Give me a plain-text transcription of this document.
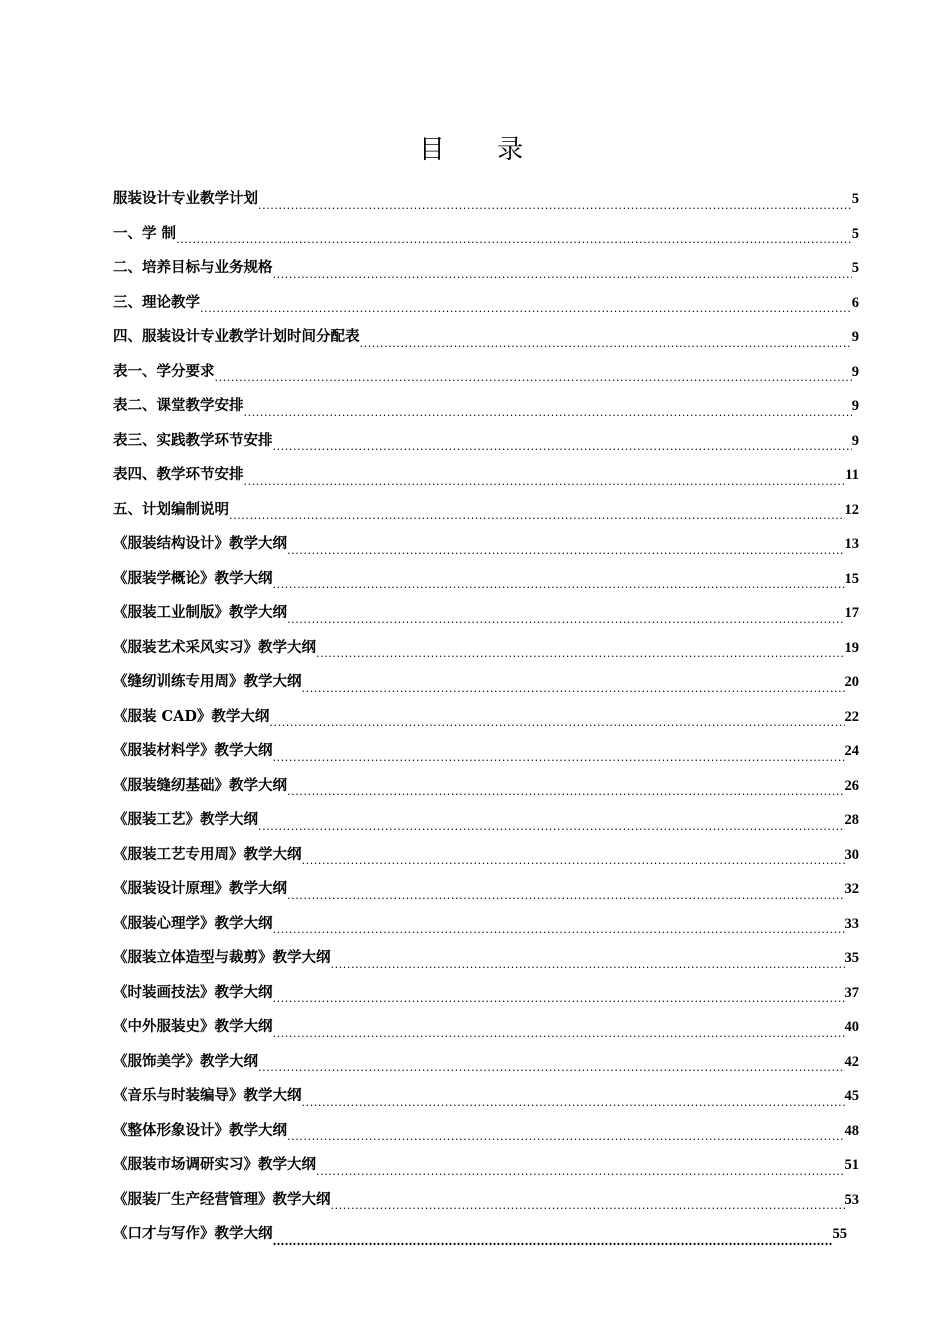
目 录
服装设计专业教学计划 .....	5
一、学 制 .....	5
二、培养目标与业务规格 .....	5
三、理论教学 .....	6
四、服装设计专业教学计划时间分配表 .....	9
表一、学分要求 .....	9
表二、课堂教学安排 .....	9
表三、实践教学环节安排 .....	9
表四、教学环节安排 .....	11
五、计划编制说明 .....	12
《服装结构设计》教学大纲 .....	13
《服装学概论》教学大纲 .....	15
《服装工业制版》教学大纲 .....	17
《服装艺术采风实习》教学大纲 .....	19
《缝纫训练专用周》教学大纲 .....	20
《服装 CAD》教学大纲 .....	22
《服装材料学》教学大纲 .....	24
《服装缝纫基础》教学大纲 .....	26
《服装工艺》教学大纲 .....	28
《服装工艺专用周》教学大纲 .....	30
《服装设计原理》教学大纲 .....	32
《服装心理学》教学大纲 .....	33
《服装立体造型与裁剪》教学大纲 .....	35
《时装画技法》教学大纲 .....	37
《中外服装史》教学大纲 .....	40
《服饰美学》教学大纲 .....	42
《音乐与时装编导》教学大纲 .....	45
《整体形象设计》教学大纲 .....	48
《服装市场调研实习》教学大纲 .....	51
《服装厂生产经营管理》教学大纲 .....	53
《口才与写作》教学大纲 ……………………………………………………………………………………………………………………………………………………………………	55
